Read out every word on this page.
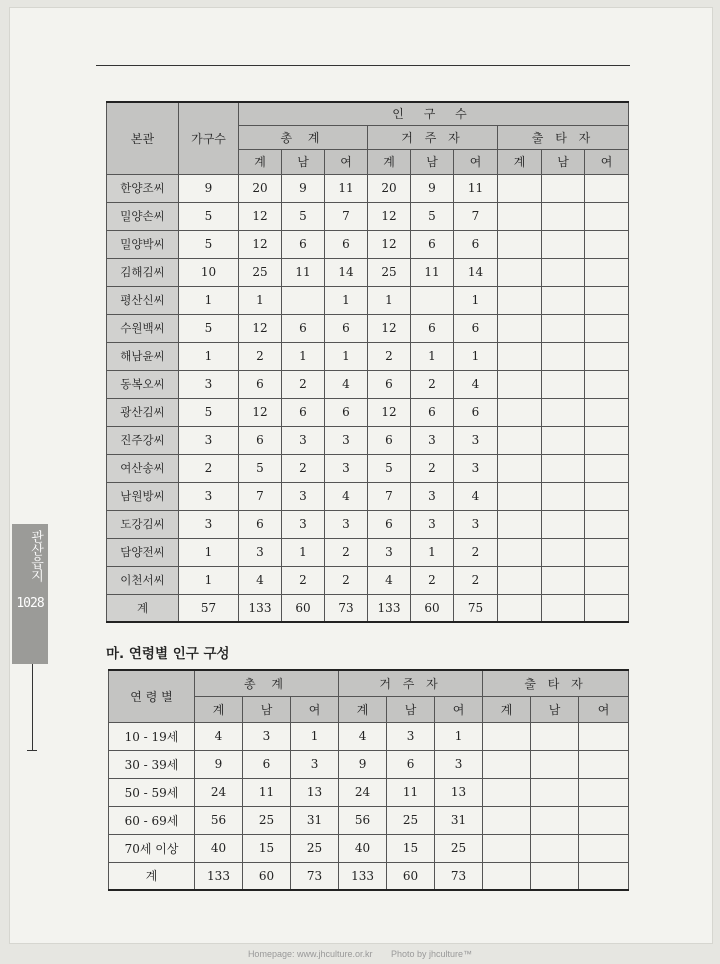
관산읍지
1028
본관	가구수	인 구 수								
		총 계			거 주 자			출 타 자		
		계	남	여	계	남	여	계	남	여
한양조씨	9	20	9	11	20	9	11			
밀양손씨	5	12	5	7	12	5	7			
밀양박씨	5	12	6	6	12	6	6			
김해김씨	10	25	11	14	25	11	14			
평산신씨	1	1		1	1		1			
수원백씨	5	12	6	6	12	6	6			
해남윤씨	1	2	1	1	2	1	1			
동복오씨	3	6	2	4	6	2	4			
광산김씨	5	12	6	6	12	6	6			
진주강씨	3	6	3	3	6	3	3			
여산송씨	2	5	2	3	5	2	3			
남원방씨	3	7	3	4	7	3	4			
도강김씨	3	6	3	3	6	3	3			
담양전씨	1	3	1	2	3	1	2			
이천서씨	1	4	2	2	4	2	2			
계	57	133	60	73	133	60	75			
마. 연령별 인구 구성
연 령 별	총 계			거 주 자			출 타 자		
	계	남	여	계	남	여	계	남	여
10 - 19세	4	3	1	4	3	1			
30 - 39세	9	6	3	9	6	3			
50 - 59세	24	11	13	24	11	13			
60 - 69세	56	25	31	56	25	31			
70세 이상	40	15	25	40	15	25			
계	133	60	73	133	60	73			
Homepage: www.jhculture.or.kr Photo by jhculture™
